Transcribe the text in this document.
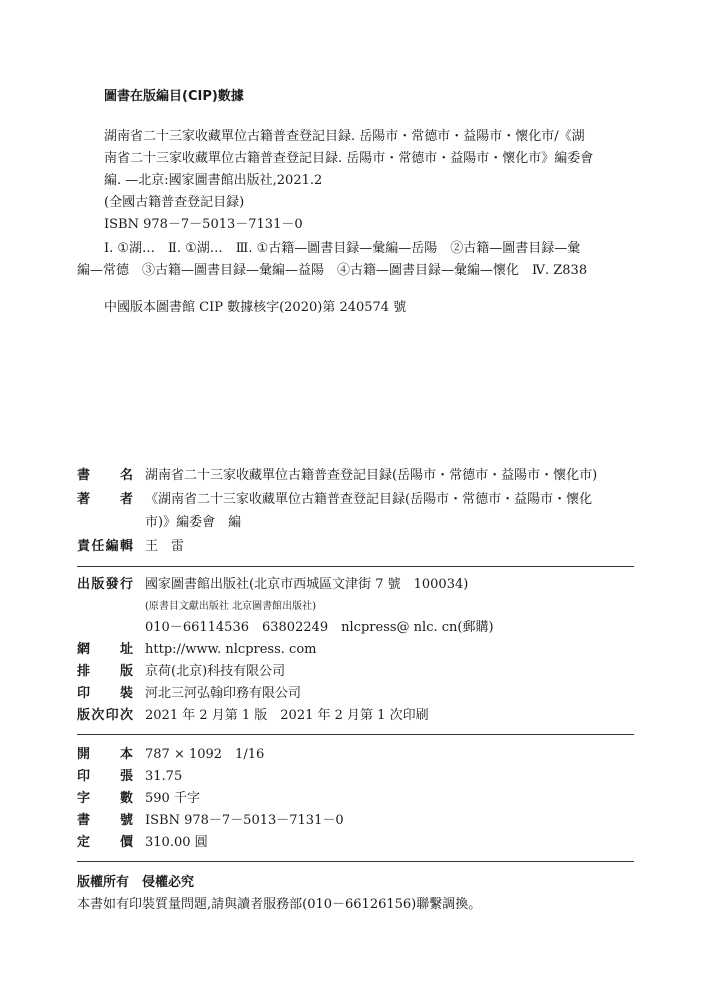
圖書在版編目(CIP)數據
湖南省二十三家收藏單位古籍普查登記目録. 岳陽市・常德市・益陽市・懷化市/《湖
南省二十三家收藏單位古籍普查登記目録. 岳陽市・常德市・益陽市・懷化市》編委會
編. —北京:國家圖書館出版社,2021.2
(全國古籍普查登記目録)
ISBN 978－7－5013－7131－0
Ⅰ. ①湖…　Ⅱ. ①湖…　Ⅲ. ①古籍—圖書目録—彙編—岳陽　②古籍—圖書目録—彙
編—常德　③古籍—圖書目録—彙編—益陽　④古籍—圖書目録—彙編—懷化　Ⅳ. Z838
中國版本圖書館 CIP 數據核字(2020)第 240574 號
書 名 湖南省二十三家收藏單位古籍普查登記目録(岳陽市・常德市・益陽市・懷化市)
著 者 《湖南省二十三家收藏單位古籍普查登記目録(岳陽市・常德市・益陽市・懷化
市)》編委會　編
責 任 編 輯 王　雷
出 版 發 行 國家圖書館出版社(北京市西城區文津街 7 號　100034)
(原書目文獻出版社 北京圖書館出版社)
010－66114536　63802249　nlcpress@ nlc. cn(郵購)
網 址 http://www. nlcpress. com
排 版 京荷(北京)科技有限公司
印 裝 河北三河弘翰印務有限公司
版 次 印 次 2021 年 2 月第 1 版　2021 年 2 月第 1 次印刷
開 本 787 × 1092　1/16
印 張 31.75
字 數 590 千字
書 號 ISBN 978－7－5013－7131－0
定 價 310.00 圓
版權所有　侵權必究
本書如有印裝質量問題,請與讀者服務部(010－66126156)聯繫調換。
